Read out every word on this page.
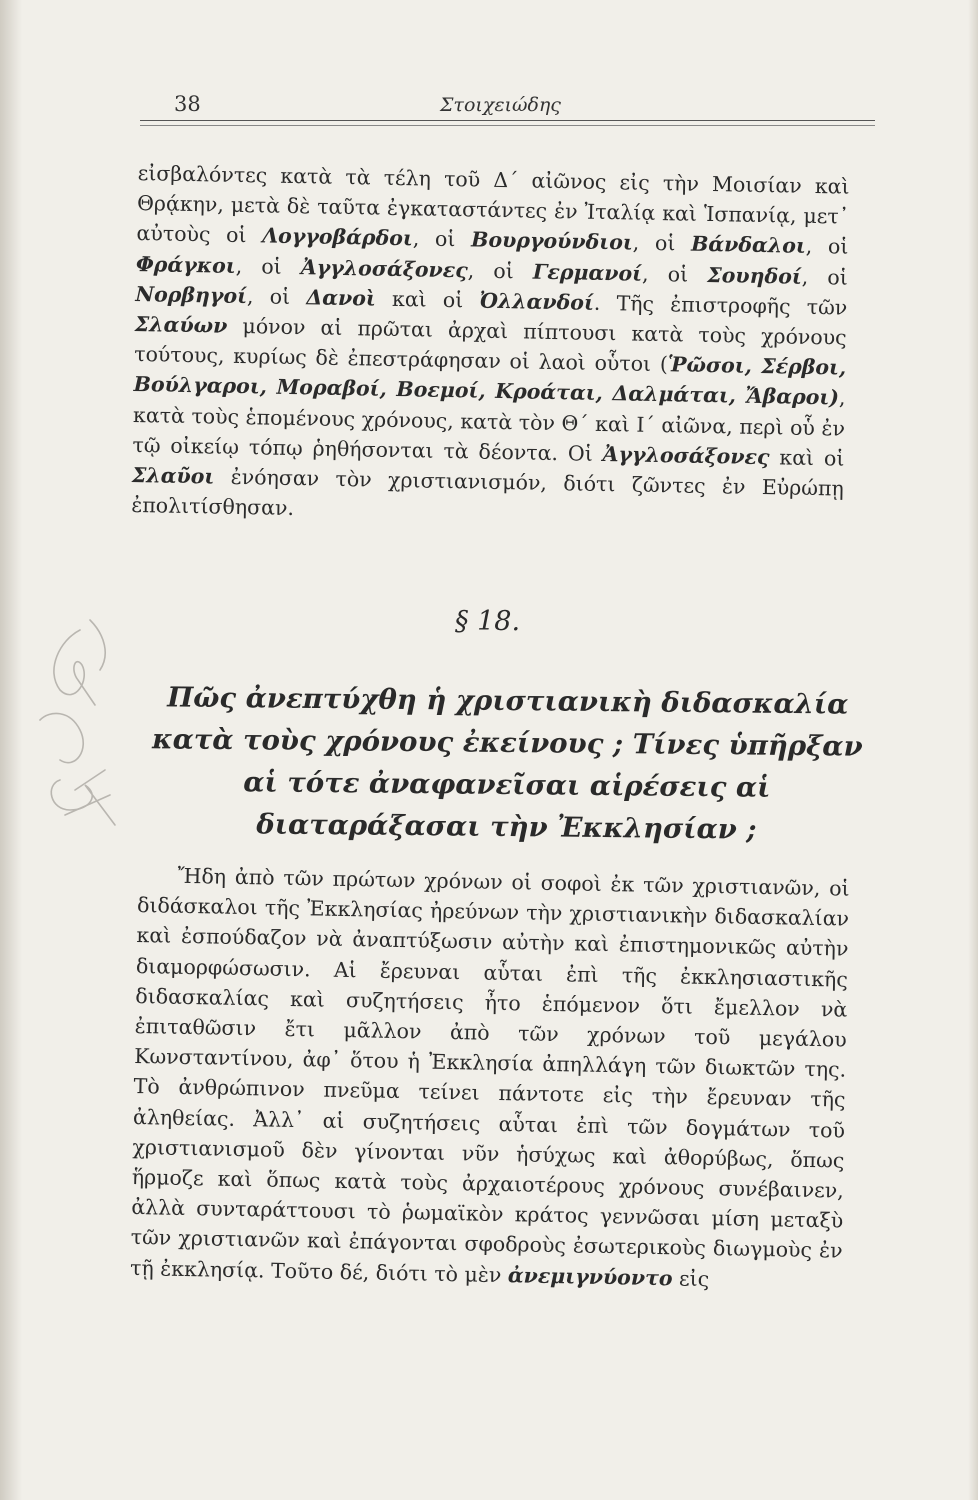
38	Στοιχειώδης

εἰσβαλόντες κατὰ τὰ τέλη τοῦ Δ΄ αἰῶνος εἰς τὴν Μοισίαν καὶ Θρᾴκην, μετὰ δὲ ταῦτα ἐγκαταστάντες ἐν Ἰταλίᾳ καὶ Ἱσπανίᾳ, μετ᾿ αὐτοὺς οἱ Λογγοβάρδοι, οἱ Βουργούνδιοι, οἱ Βάνδαλοι, οἱ Φράγκοι, οἱ Ἀγγλοσάξονες, οἱ Γερμανοί, οἱ Σουηδοί, οἱ Νορβηγοί, οἱ Δανοὶ καὶ οἱ Ὀλλανδοί. Τῆς ἐπιστροφῆς τῶν Σλαύων μόνον αἱ πρῶται ἀρχαὶ πίπτουσι κατὰ τοὺς χρόνους τούτους, κυρίως δὲ ἐπεστράφησαν οἱ λαοὶ οὗτοι (Ῥῶσοι, Σέρβοι, Βούλγαροι, Μοραβοί, Βοεμοί, Κροάται, Δαλμάται, Ἄβαροι), κατὰ τοὺς ἑπομένους χρόνους, κατὰ τὸν Θ΄ καὶ Ι΄ αἰῶνα, περὶ οὗ ἐν τῷ οἰκείῳ τόπῳ ῥηθήσονται τὰ δέοντα. Οἱ Ἀγγλοσάξονες καὶ οἱ Σλαῦοι ἐνόησαν τὸν χριστιανισμόν, διότι ζῶντες ἐν Εὐρώπῃ ἐπολιτίσθησαν.

§ 18.
Πῶς ἀνεπτύχθη ἡ χριστιανικὴ διδασκαλία κατὰ τοὺς χρόνους ἐκείνους ; Τίνες ὑπῆρξαν αἱ τότε ἀναφανεῖσαι αἱρέσεις αἱ διαταράξασαι τὴν Ἐκκλησίαν ;

Ἤδη ἀπὸ τῶν πρώτων χρόνων οἱ σοφοὶ ἐκ τῶν χριστιανῶν, οἱ διδάσκαλοι τῆς Ἐκκλησίας ἠρεύνων τὴν χριστιανικὴν διδασκαλίαν καὶ ἐσπούδαζον νὰ ἀναπτύξωσιν αὐτὴν καὶ ἐπιστημονικῶς αὐτὴν διαμορφώσωσιν. Αἱ ἔρευναι αὗται ἐπὶ τῆς ἐκκλησιαστικῆς διδασκαλίας καὶ συζητήσεις ἦτο ἑπόμενον ὅτι ἔμελλον νὰ ἐπιταθῶσιν ἔτι μᾶλλον ἀπὸ τῶν χρόνων τοῦ μεγάλου Κωνσταντίνου, ἀφ᾿ ὅτου ἡ Ἐκκλησία ἀπηλλάγη τῶν διωκτῶν της. Τὸ ἀνθρώπινον πνεῦμα τείνει πάντοτε εἰς τὴν ἔρευναν τῆς ἀληθείας. Ἀλλ᾿ αἱ συζητήσεις αὗται ἐπὶ τῶν δογμάτων τοῦ χριστιανισμοῦ δὲν γίνονται νῦν ἡσύχως καὶ ἀθορύβως, ὅπως ἥρμοζε καὶ ὅπως κατὰ τοὺς ἀρχαιοτέρους χρόνους συνέβαινεν, ἀλλὰ συνταράττουσι τὸ ῥωμαϊκὸν κράτος γεννῶσαι μίση μεταξὺ τῶν χριστιανῶν καὶ ἐπάγονται σφοδροὺς ἐσωτερικοὺς διωγμοὺς ἐν τῇ ἐκκλησίᾳ. Τοῦτο δέ, διότι τὸ μὲν ἀνεμιγνύοντο εἰς
